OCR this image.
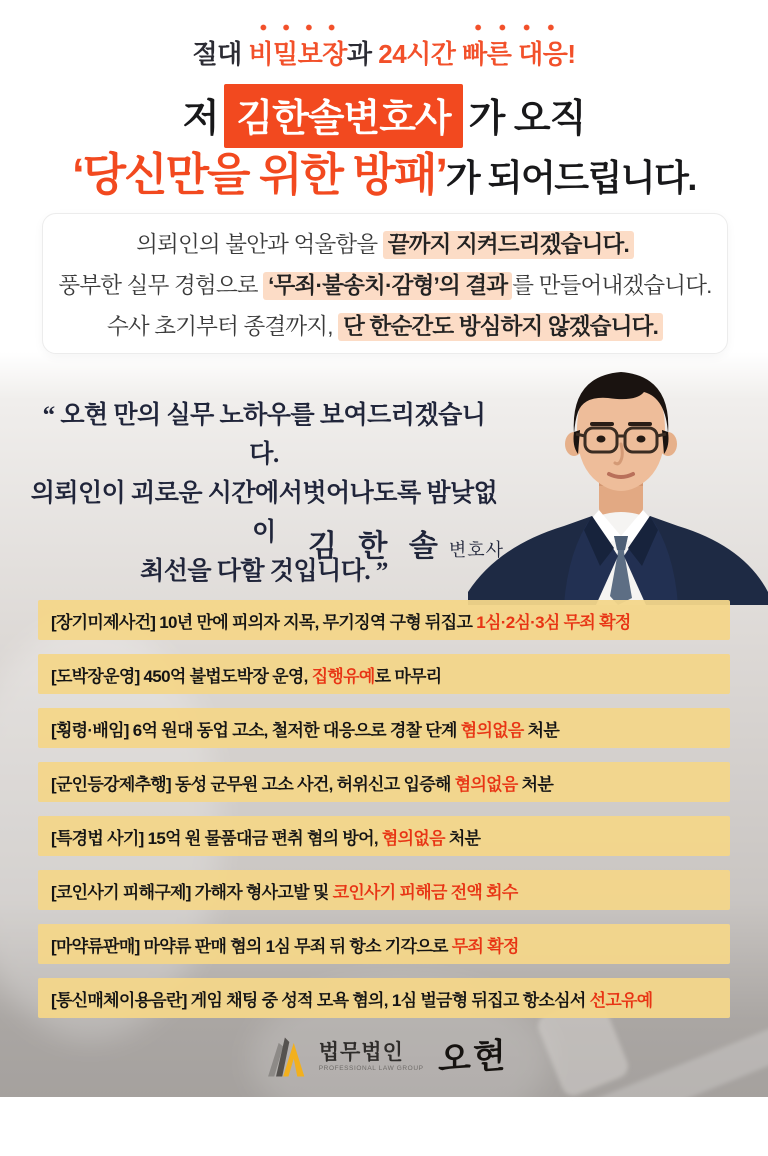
절대 비밀보장과 24시간 빠른 대응!
저 김한솔변호사 가 오직
‘당신만을 위한 방패’가 되어드립니다.
의뢰인의 불안과 억울함을 끝까지 지켜드리겠습니다.
풍부한 실무 경험으로 ‘무죄·불송치·감형’의 결과 를 만들어내겠습니다.
수사 초기부터 종결까지, 단 한순간도 방심하지 않겠습니다.
“ 오현 만의 실무 노하우를 보여드리겠습니다.
의뢰인이 괴로운 시간에서벗어나도록 밤낮없이
최선을 다할 것입니다. ”
김 한 솔 변호사
[장기미제사건] 10년 만에 피의자 지목, 무기징역 구형 뒤집고 1심·2심·3심 무죄 확정
[도박장운영] 450억 불법도박장 운영, 집행유예로 마무리
[횡령·배임] 6억 원대 동업 고소, 철저한 대응으로 경찰 단계 혐의없음 처분
[군인등강제추행] 동성 군무원 고소 사건, 허위신고 입증해 혐의없음 처분
[특경법 사기] 15억 원 물품대금 편취 혐의 방어, 혐의없음 처분
[코인사기 피해구제] 가해자 형사고발 및 코인사기 피해금 전액 회수
[마약류판매] 마약류 판매 혐의 1심 무죄 뒤 항소 기각으로 무죄 확정
[통신매체이용음란] 게임 채팅 중 성적 모욕 혐의, 1심 벌금형 뒤집고 항소심서 선고유예
법무법인
PROFESSIONAL LAW GROUP 오현
